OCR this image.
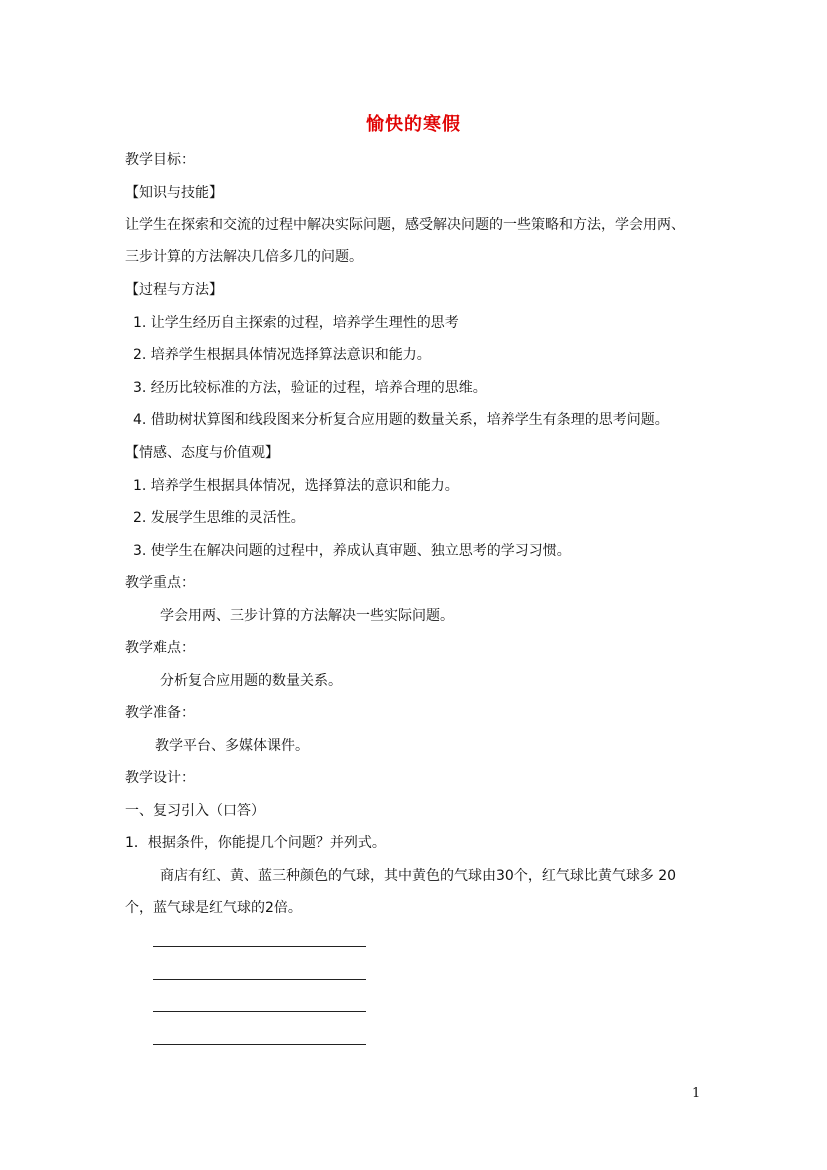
愉快的寒假
教学目标：
【知识与技能】
让学生在探索和交流的过程中解决实际问题，感受解决问题的一些策略和方法，学会用两、
三步计算的方法解决几倍多几的问题。
【过程与方法】
1. 让学生经历自主探索的过程，培养学生理性的思考
2. 培养学生根据具体情况选择算法意识和能力。
3. 经历比较标准的方法，验证的过程，培养合理的思维。
4. 借助树状算图和线段图来分析复合应用题的数量关系，培养学生有条理的思考问题。
【情感、态度与价值观】
1. 培养学生根据具体情况，选择算法的意识和能力。
2. 发展学生思维的灵活性。
3. 使学生在解决问题的过程中，养成认真审题、独立思考的学习习惯。
教学重点：
学会用两、三步计算的方法解决一些实际问题。
教学难点：
分析复合应用题的数量关系。
教学准备：
教学平台、多媒体课件。
教学设计：
一、复习引入（口答）
1．根据条件，你能提几个问题？并列式。
商店有红、黄、蓝三种颜色的气球，其中黄色的气球由30个，红气球比黄气球多 20
个，蓝气球是红气球的2倍。
1
